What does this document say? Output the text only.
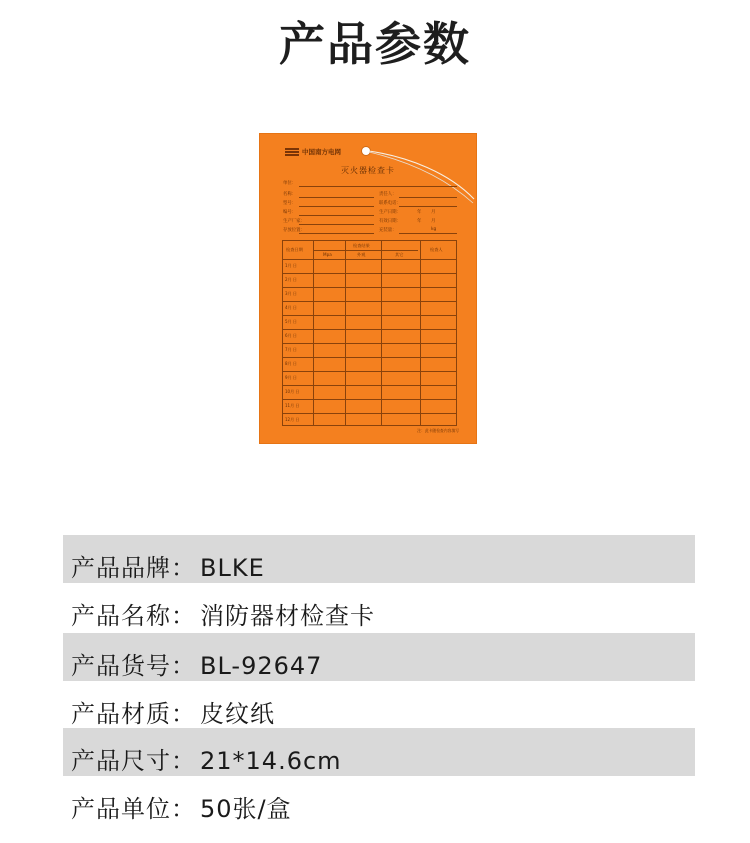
产品参数
中国南方电网
灭火器检查卡
单位：
名称：
型号：
编号：
生产厂家：
存放位置：
责任人：
联系电话：
生产日期：
有效日期：
充装量：
年 月
年 月
kg
检查日期
检查结果
Mpa	外观	其它
检查人
1月 日
2月 日
3月 日
4月 日
5月 日
6月 日
7月 日
8月 日
9月 日
10月 日
11月 日
12月 日
注：此卡随检查内容填写
产品品牌： BLKE
产品名称： 消防器材检查卡
产品货号： BL-92647
产品材质： 皮纹纸
产品尺寸： 21*14.6cm
产品单位： 50张/盒
